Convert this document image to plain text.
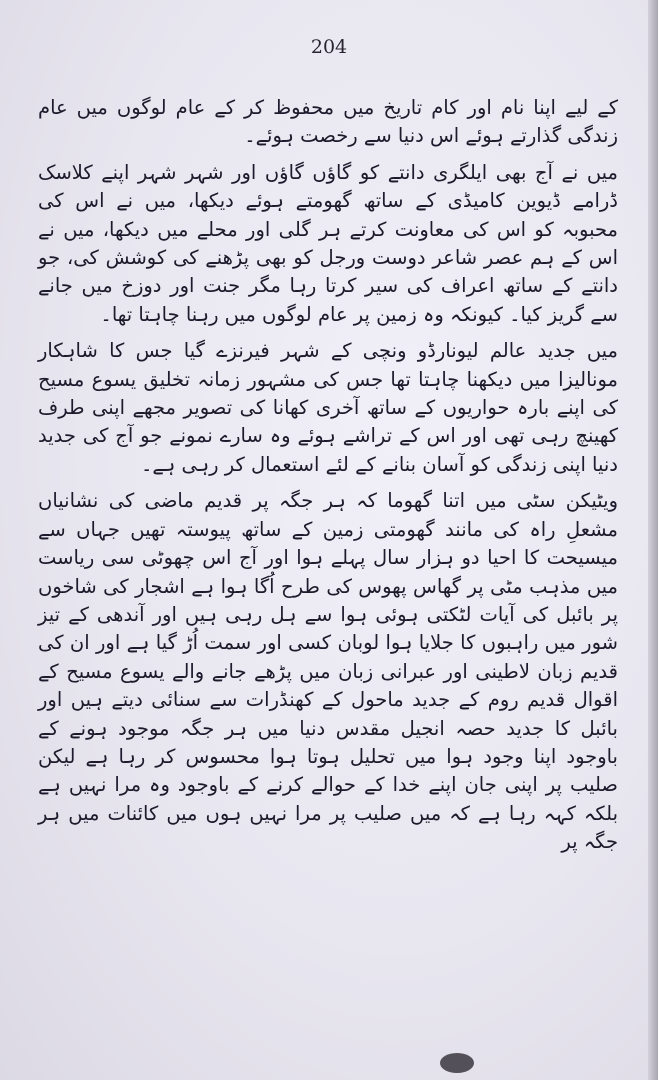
204

کے لیے اپنا نام اور کام تاریخ میں محفوظ کر کے عام لوگوں میں عام زندگی گذارتے ہوئے اس دنیا سے رخصت ہوئے۔

میں نے آج بھی ایلگری دانتے کو گاؤں گاؤں اور شہر شہر اپنے کلاسک ڈرامے ڈیوین کامیڈی کے ساتھ گھومتے ہوئے دیکھا، میں نے اس کی محبوبہ کو اس کی معاونت کرتے ہر گلی اور محلے میں دیکھا، میں نے اس کے ہم عصر شاعر دوست ورجل کو بھی پڑھنے کی کوشش کی، جو دانتے کے ساتھ اعراف کی سیر کرتا رہا مگر جنت اور دوزخ میں جانے سے گریز کیا۔ کیونکہ وہ زمین پر عام لوگوں میں رہنا چاہتا تھا۔

میں جدید عالم لیونارڈو ونچی کے شہر فیرنزے گیا جس کا شاہکار مونالیزا میں دیکھنا چاہتا تھا جس کی مشہور زمانہ تخلیق یسوع مسیح کی اپنے بارہ حواریوں کے ساتھ آخری کھانا کی تصویر مجھے اپنی طرف کھینچ رہی تھی اور اس کے تراشے ہوئے وہ سارے نمونے جو آج کی جدید دنیا اپنی زندگی کو آسان بنانے کے لئے استعمال کر رہی ہے۔

ویٹیکن سٹی میں اتنا گھوما کہ ہر جگہ پر قدیم ماضی کی نشانیاں مشعلِ راہ کی مانند گھومتی زمین کے ساتھ پیوستہ تھیں جہاں سے میسیحت کا احیا دو ہزار سال پہلے ہوا اور آج اس چھوٹی سی ریاست میں مذہب مٹی پر گھاس پھوس کی طرح اُگا ہوا ہے اشجار کی شاخوں پر بائبل کی آیات لٹکتی ہوئی ہوا سے ہل رہی ہیں اور آندھی کے تیز شور میں راہبوں کا جلایا ہوا لوبان کسی اور سمت اُڑ گیا ہے اور ان کی قدیم زبان لاطینی اور عبرانی زبان میں پڑھے جانے والے یسوع مسیح کے اقوال قدیم روم کے جدید ماحول کے کھنڈرات سے سنائی دیتے ہیں اور بائبل کا جدید حصہ انجیل مقدس دنیا میں ہر جگہ موجود ہونے کے باوجود اپنا وجود ہوا میں تحلیل ہوتا ہوا محسوس کر رہا ہے لیکن صلیب پر اپنی جان اپنے خدا کے حوالے کرنے کے باوجود وہ مرا نہیں ہے بلکہ کہہ رہا ہے کہ میں صلیب پر مرا نہیں ہوں میں کائنات میں ہر جگہ پر
